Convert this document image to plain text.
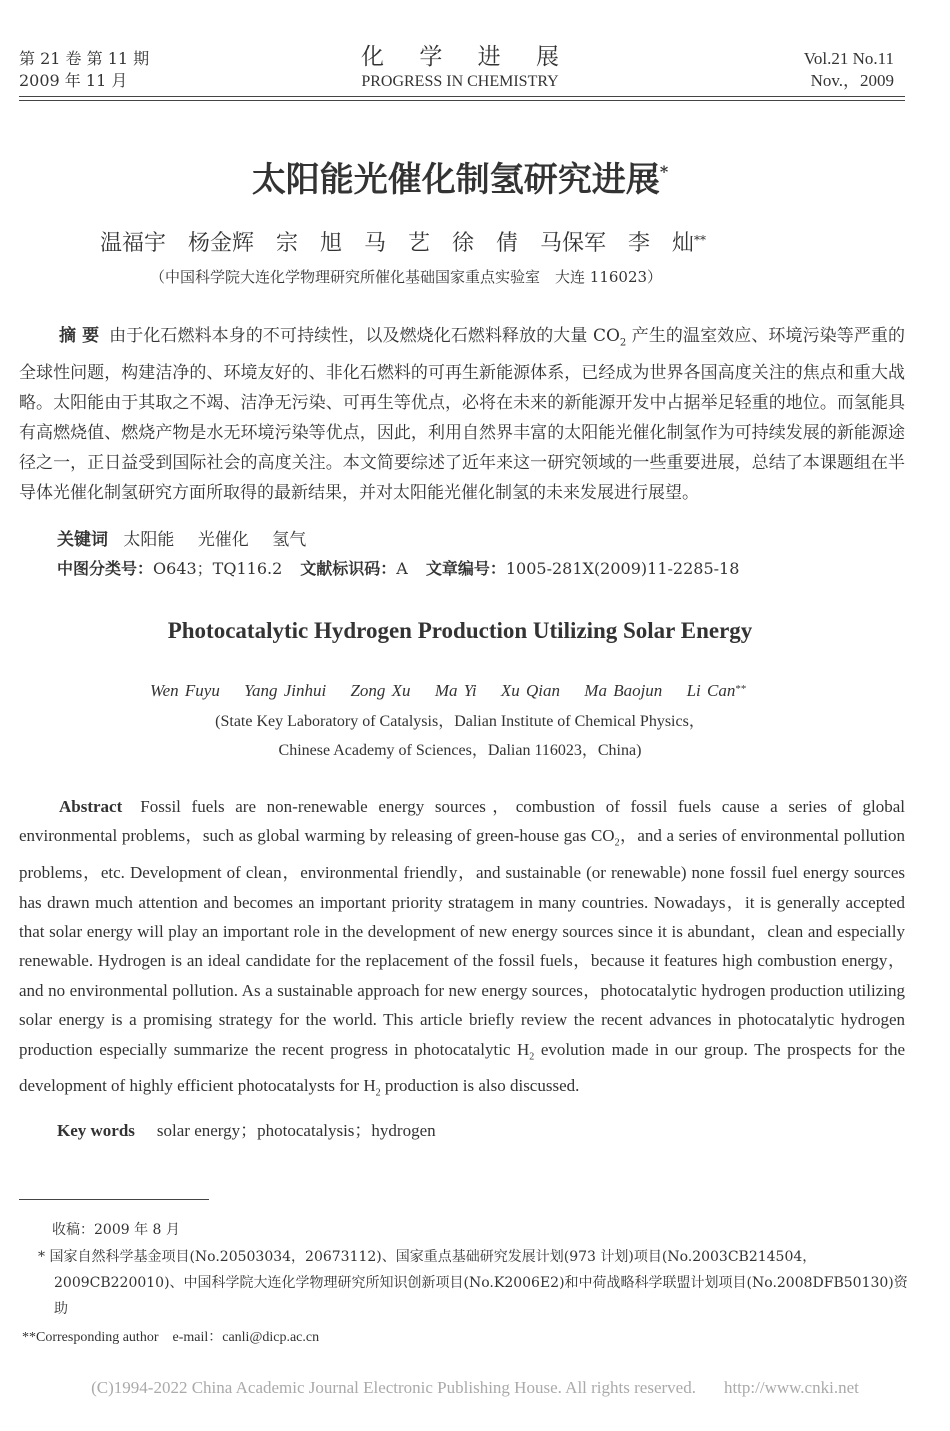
第 21 卷 第 11 期
2009 年 11 月
化 学 进 展
PROGRESS IN CHEMISTRY
Vol.21 No.11
Nov.，2009
太阳能光催化制氢研究进展*
温福宇　杨金辉　宗　旭　马　艺　徐　倩　马保军　李　灿**
（中国科学院大连化学物理研究所催化基础国家重点实验室　大连 116023）

摘要 由于化石燃料本身的不可持续性，以及燃烧化石燃料释放的大量 $CO_2$ 产生的温室效应、环境污染等严重的全球性问题，构建洁净的、环境友好的、非化石燃料的可再生新能源体系，已经成为世界各国高度关注的焦点和重大战略。太阳能由于其取之不竭、洁净无污染、可再生等优点，必将在未来的新能源开发中占据举足轻重的地位。而氢能具有高燃烧值、燃烧产物是水无环境污染等优点，因此，利用自然界丰富的太阳能光催化制氢作为可持续发展的新能源途径之一，正日益受到国际社会的高度关注。本文简要综述了近年来这一研究领域的一些重要进展，总结了本课题组在半导体光催化制氢研究方面所取得的最新结果，并对太阳能光催化制氢的未来发展进行展望。

关键词 太阳能 光催化 氢气
中图分类号：O643；TQ116.2 文献标识码：A 文章编号：1005-281X(2009)11-2285-18
Photocatalytic Hydrogen Production Utilizing Solar Energy
Wen Fuyu Yang Jinhui Zong Xu Ma Yi Xu Qian Ma Baojun Li Can**
(State Key Laboratory of Catalysis，Dalian Institute of Chemical Physics，
Chinese Academy of Sciences，Dalian 116023，China)

Abstract Fossil fuels are non-renewable energy sources，combustion of fossil fuels cause a series of global environmental problems，such as global warming by releasing of green-house gas $CO_2$，and a series of environmental pollution problems，etc. Development of clean，environmental friendly，and sustainable (or renewable) none fossil fuel energy sources has drawn much attention and becomes an important priority stratagem in many countries. Nowadays，it is generally accepted that solar energy will play an important role in the development of new energy sources since it is abundant，clean and especially renewable. Hydrogen is an ideal candidate for the replacement of the fossil fuels，because it features high combustion energy，and no environmental pollution. As a sustainable approach for new energy sources，photocatalytic hydrogen production utilizing solar energy is a promising strategy for the world. This article briefly review the recent advances in photocatalytic hydrogen production especially summarize the recent progress in photocatalytic $H_2$ evolution made in our group. The prospects for the development of highly efficient photocatalysts for $H_2$ production is also discussed.

Key words solar energy；photocatalysis；hydrogen
收稿：2009 年 8 月
* 国家自然科学基金项目(No.20503034，20673112)、国家重点基础研究发展计划(973 计划)项目(No.2003CB214504，2009CB220010)、中国科学院大连化学物理研究所知识创新项目(No.K2006E2)和中荷战略科学联盟计划项目(No.2008DFB50130)资助
**Corresponding author　e-mail：canli@dicp.ac.cn
(C)1994-2022 China Academic Journal Electronic Publishing House. All rights reserved. http://www.cnki.net
